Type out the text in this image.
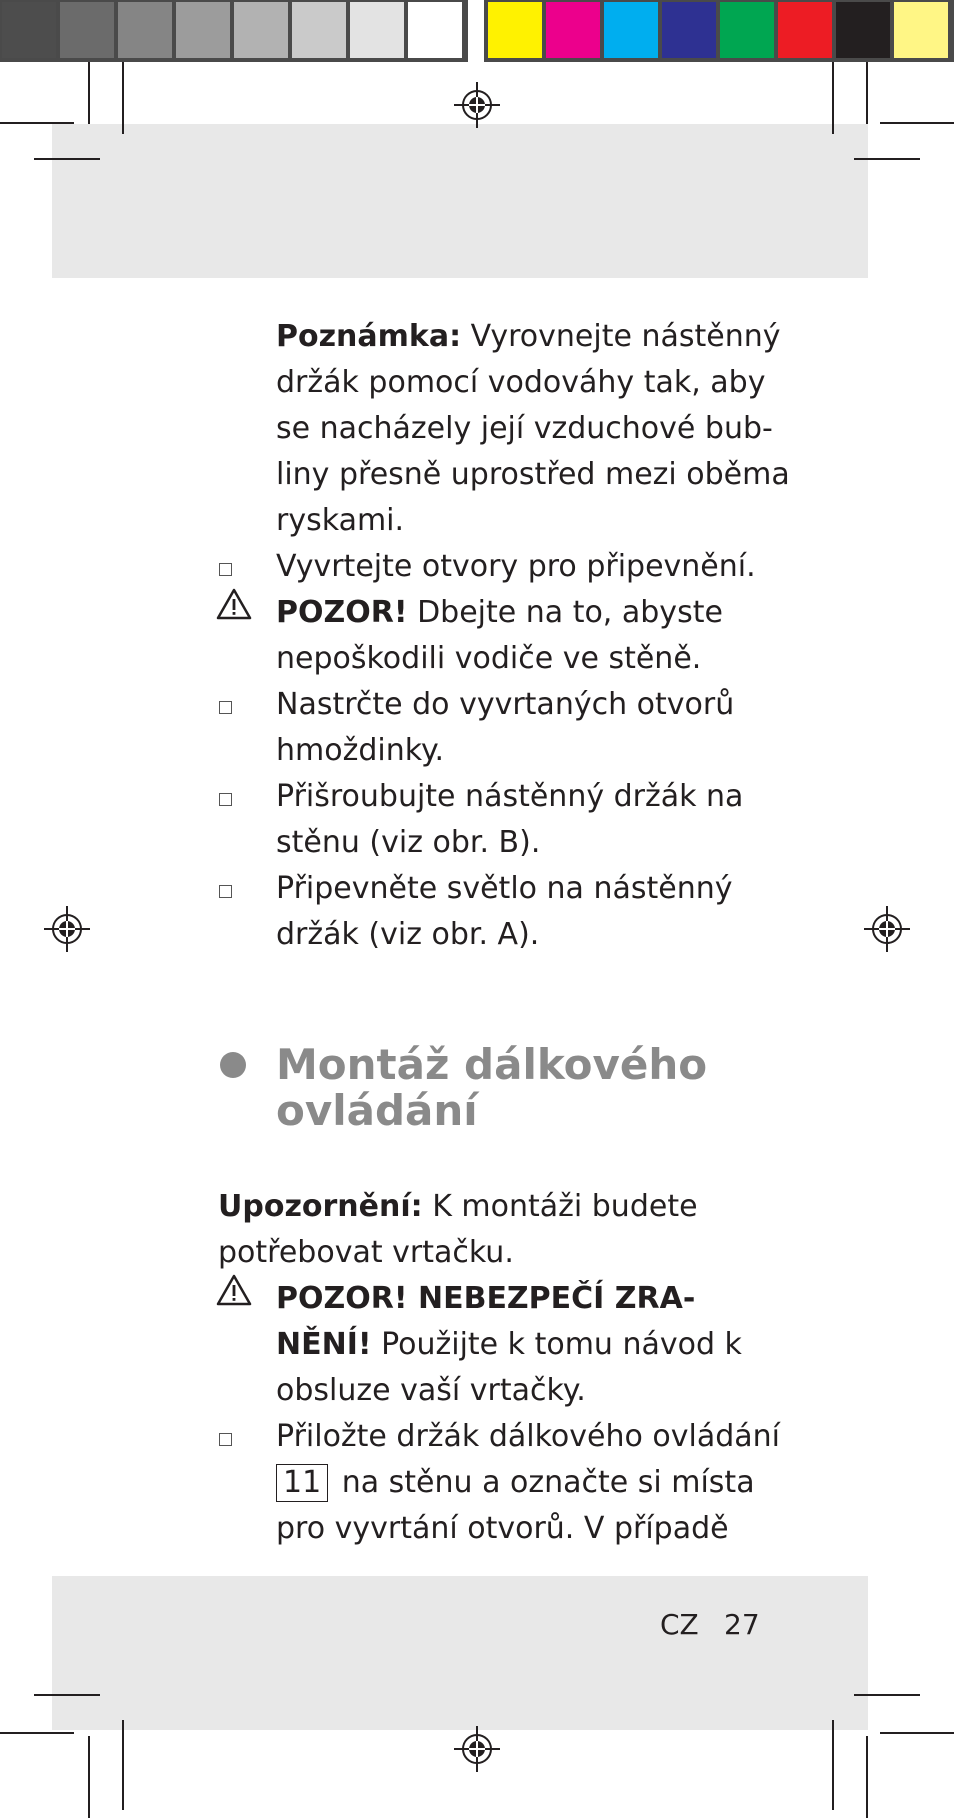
Poznámka: Vyrovnejte nástěnný
držák pomocí vodováhy tak, aby
se nacházely její vzduchové bub-
liny přesně uprostřed mezi oběma
ryskami.
Vyvrtejte otvory pro připevnění.
POZOR! Dbejte na to, abyste
nepoškodili vodiče ve stěně.
Nastrčte do vyvrtaných otvorů
hmoždinky.
Přišroubujte nástěnný držák na
stěnu (viz obr. B).
Připevněte světlo na nástěnný
držák (viz obr. A).
Montáž dálkového
ovládání
Upozornění: K montáži budete
potřebovat vrtačku.
POZOR! NEBEZPEČÍ ZRA-
NĚNÍ! Použijte k tomu návod k
obsluze vaší vrtačky.
Přiložte držák dálkového ovládání
11 na stěnu a označte si místa
pro vyvrtání otvorů. V případě
CZ 27
